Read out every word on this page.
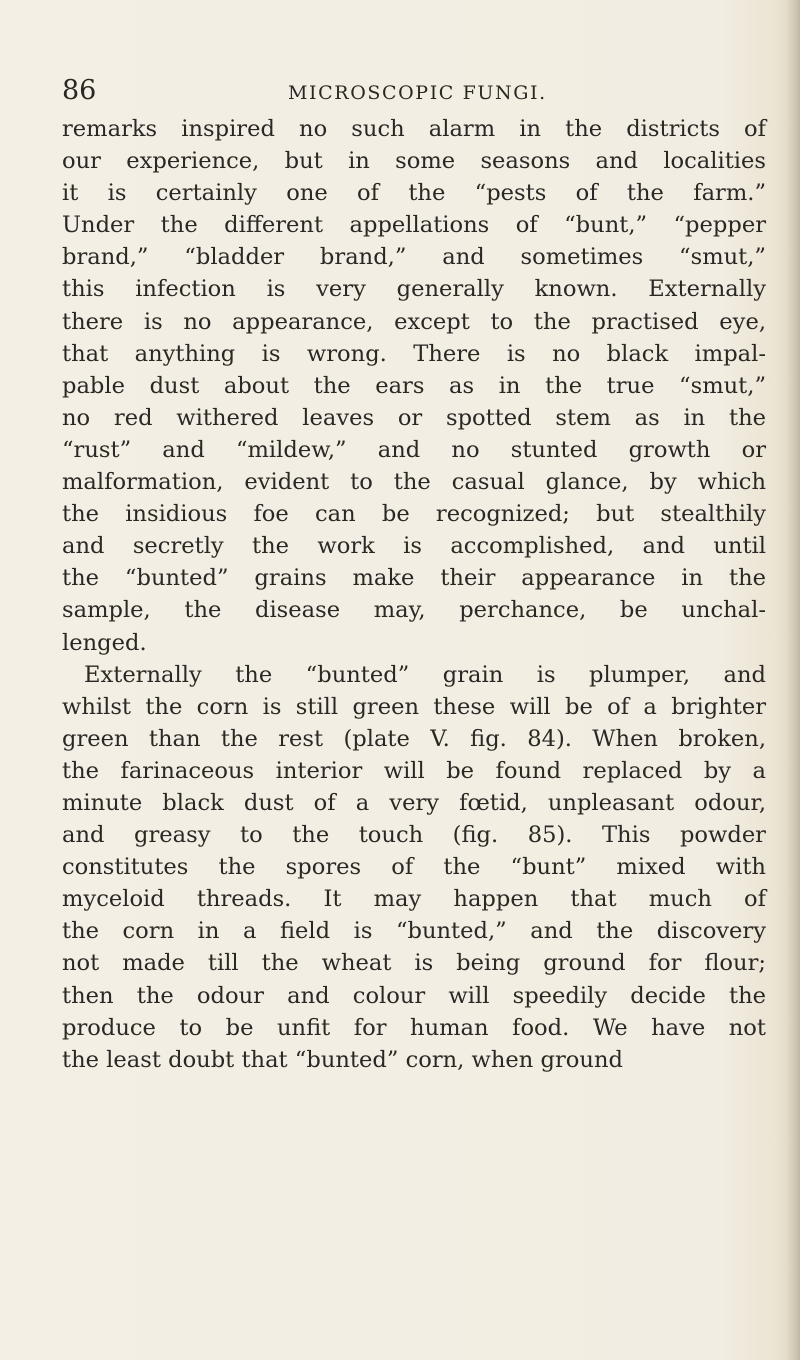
86	MICROSCOPIC FUNGI.
remarks inspired no such alarm in the districts of
our experience, but in some seasons and localities
it is certainly one of the “pests of the farm.”
Under the different appellations of “bunt,” “pepper
brand,” “bladder brand,” and sometimes “smut,”
this infection is very generally known. Externally
there is no appearance, except to the practised eye,
that anything is wrong. There is no black impal-
pable dust about the ears as in the true “smut,”
no red withered leaves or spotted stem as in the
“rust” and “mildew,” and no stunted growth or
malformation, evident to the casual glance, by which
the insidious foe can be recognized; but stealthily
and secretly the work is accomplished, and until
the “bunted” grains make their appearance in the
sample, the disease may, perchance, be unchal-
lenged.
Externally the “bunted” grain is plumper, and
whilst the corn is still green these will be of a brighter
green than the rest (plate V. fig. 84). When broken,
the farinaceous interior will be found replaced by a
minute black dust of a very fœtid, unpleasant odour,
and greasy to the touch (fig. 85). This powder
constitutes the spores of the “bunt” mixed with
myceloid threads. It may happen that much of
the corn in a field is “bunted,” and the discovery
not made till the wheat is being ground for flour;
then the odour and colour will speedily decide the
produce to be unfit for human food. We have not
the least doubt that “bunted” corn, when ground
